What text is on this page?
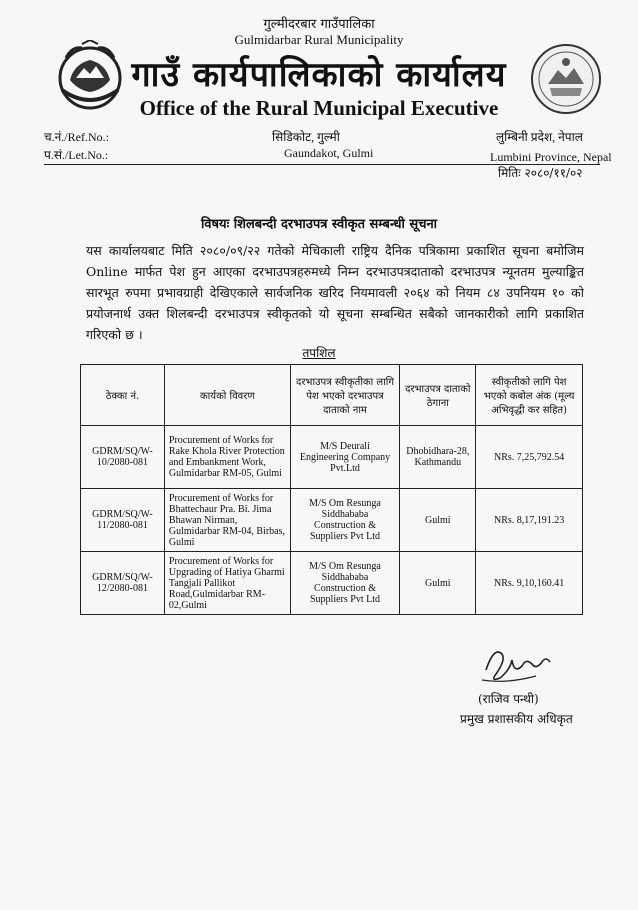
गुल्मीदरबार गाउँपालिका
Gulmidarbar Rural Municipality
गाउँ कार्यपालिकाको कार्यालय
Office of the Rural Municipal Executive
च.नं./Ref.No.:
प.सं./Let.No.:
सिडिकोट, गुल्मी
Gaundakot, Gulmi
लुम्बिनी प्रदेश, नेपाल
Lumbini Province, Nepal
मितिः २०८०/११/०२
विषयः शिलबन्दी दरभाउपत्र स्वीकृत सम्बन्धी सूचना
यस कार्यालयबाट मिति २०८०/०९/२२ गतेको मेचिकाली राष्ट्रिय दैनिक पत्रिकामा प्रकाशित सूचना बमोजिम Online मार्फत पेश हुन आएका दरभाउपत्रहरुमध्ये निम्न दरभाउपत्रदाताको दरभाउपत्र न्यूनतम मुल्याङ्कित सारभूत रुपमा प्रभावग्राही देखिएकाले सार्वजनिक खरिद नियमावली २०६४ को नियम ८४ उपनियम १० को प्रयोजनार्थ उक्त शिलबन्दी दरभाउपत्र स्वीकृतको यो सूचना सम्बन्धित सबैको जानकारीको लागि प्रकाशित गरिएको छ ।
तपशिल
ठेक्का नं.	कार्यको विवरण	दरभाउपत्र स्वीकृतीका लागि पेश भएको दरभाउपत्र दाताको नाम	दरभाउपत्र दाताको ठेगाना	स्वीकृतीको लागि पेश भएको कबोल अंक (मूल्य अभिवृद्धी कर सहित)
GDRM/SQ/W-10/2080-081	Procurement of Works for Rake Khola River Protection and Embankment Work, Gulmidarbar RM-05, Gulmi	M/S Deurali Engineering Company Pvt.Ltd	Dhobidhara-28, Kathmandu	NRs. 7,25,792.54
GDRM/SQ/W-11/2080-081	Procurement of Works for Bhattechaur Pra. Bi. Jima Bhawan Nirman, Gulmidarbar RM-04, Birbas, Gulmi	M/S Om Resunga Siddhababa Construction & Suppliers Pvt Ltd	Gulmi	NRs. 8,17,191.23
GDRM/SQ/W-12/2080-081	Procurement of Works for Upgrading of Hatiya Gharmi Tangjali Pallikot Road,Gulmidarbar RM-02,Gulmi	M/S Om Resunga Siddhababa Construction & Suppliers Pvt Ltd	Gulmi	NRs. 9,10,160.41
(राजिव पन्थी)
प्रमुख प्रशासकीय अधिकृत
